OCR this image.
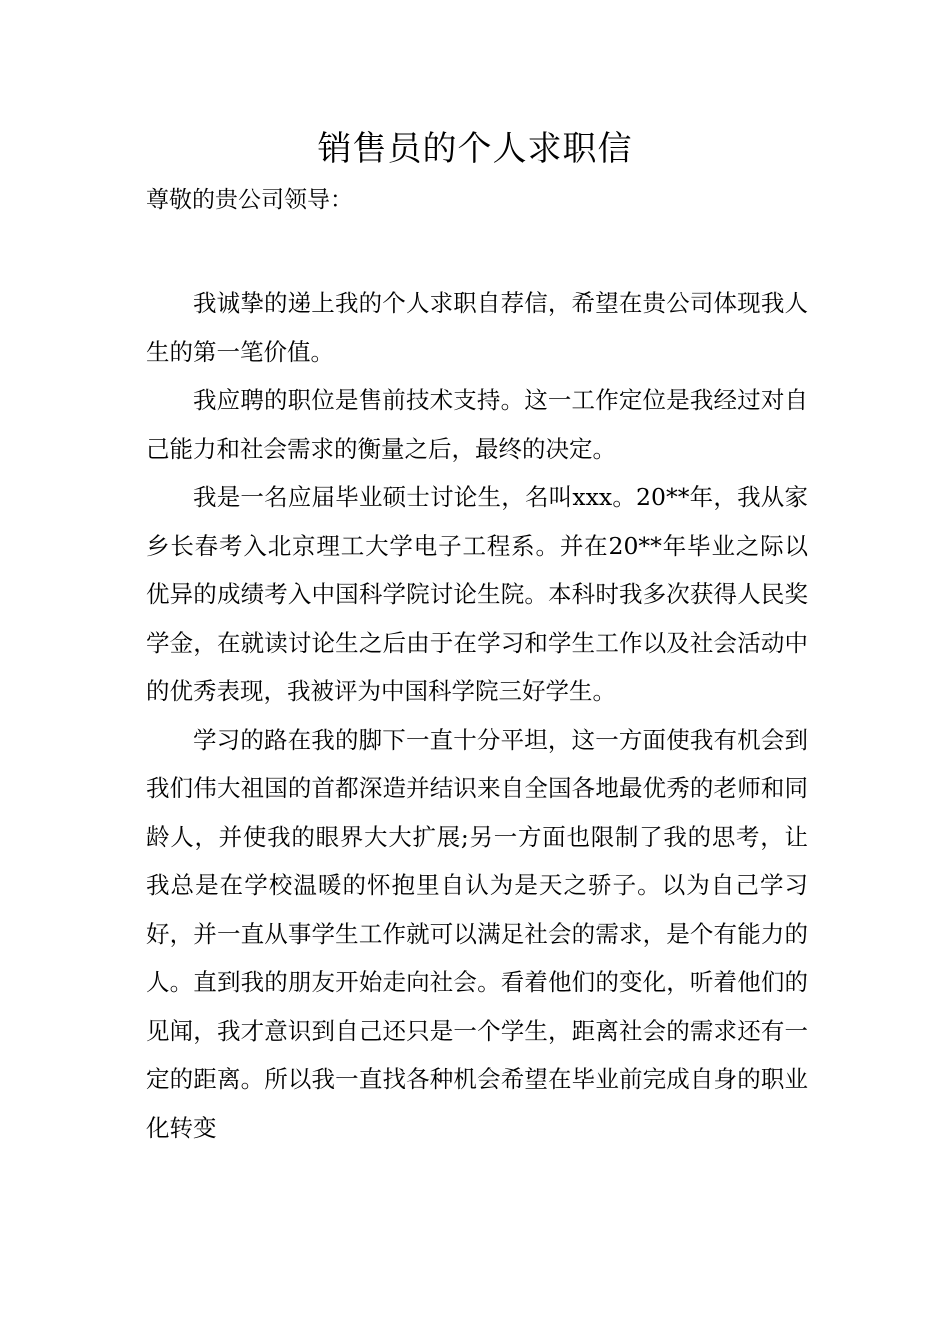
销售员的个人求职信

尊敬的贵公司领导：

我诚挚的递上我的个人求职自荐信，希望在贵公司体现我人生的第一笔价值。

我应聘的职位是售前技术支持。这一工作定位是我经过对自己能力和社会需求的衡量之后，最终的决定。

我是一名应届毕业硕士讨论生，名叫xxx。20**年，我从家乡长春考入北京理工大学电子工程系。并在20**年毕业之际以优异的成绩考入中国科学院讨论生院。本科时我多次获得人民奖学金，在就读讨论生之后由于在学习和学生工作以及社会活动中的优秀表现，我被评为中国科学院三好学生。

学习的路在我的脚下一直十分平坦，这一方面使我有机会到我们伟大祖国的首都深造并结识来自全国各地最优秀的老师和同龄人，并使我的眼界大大扩展;另一方面也限制了我的思考，让我总是在学校温暖的怀抱里自认为是天之骄子。以为自己学习好，并一直从事学生工作就可以满足社会的需求，是个有能力的人。直到我的朋友开始走向社会。看着他们的变化，听着他们的见闻，我才意识到自己还只是一个学生，距离社会的需求还有一定的距离。所以我一直找各种机会希望在毕业前完成自身的职业化转变
